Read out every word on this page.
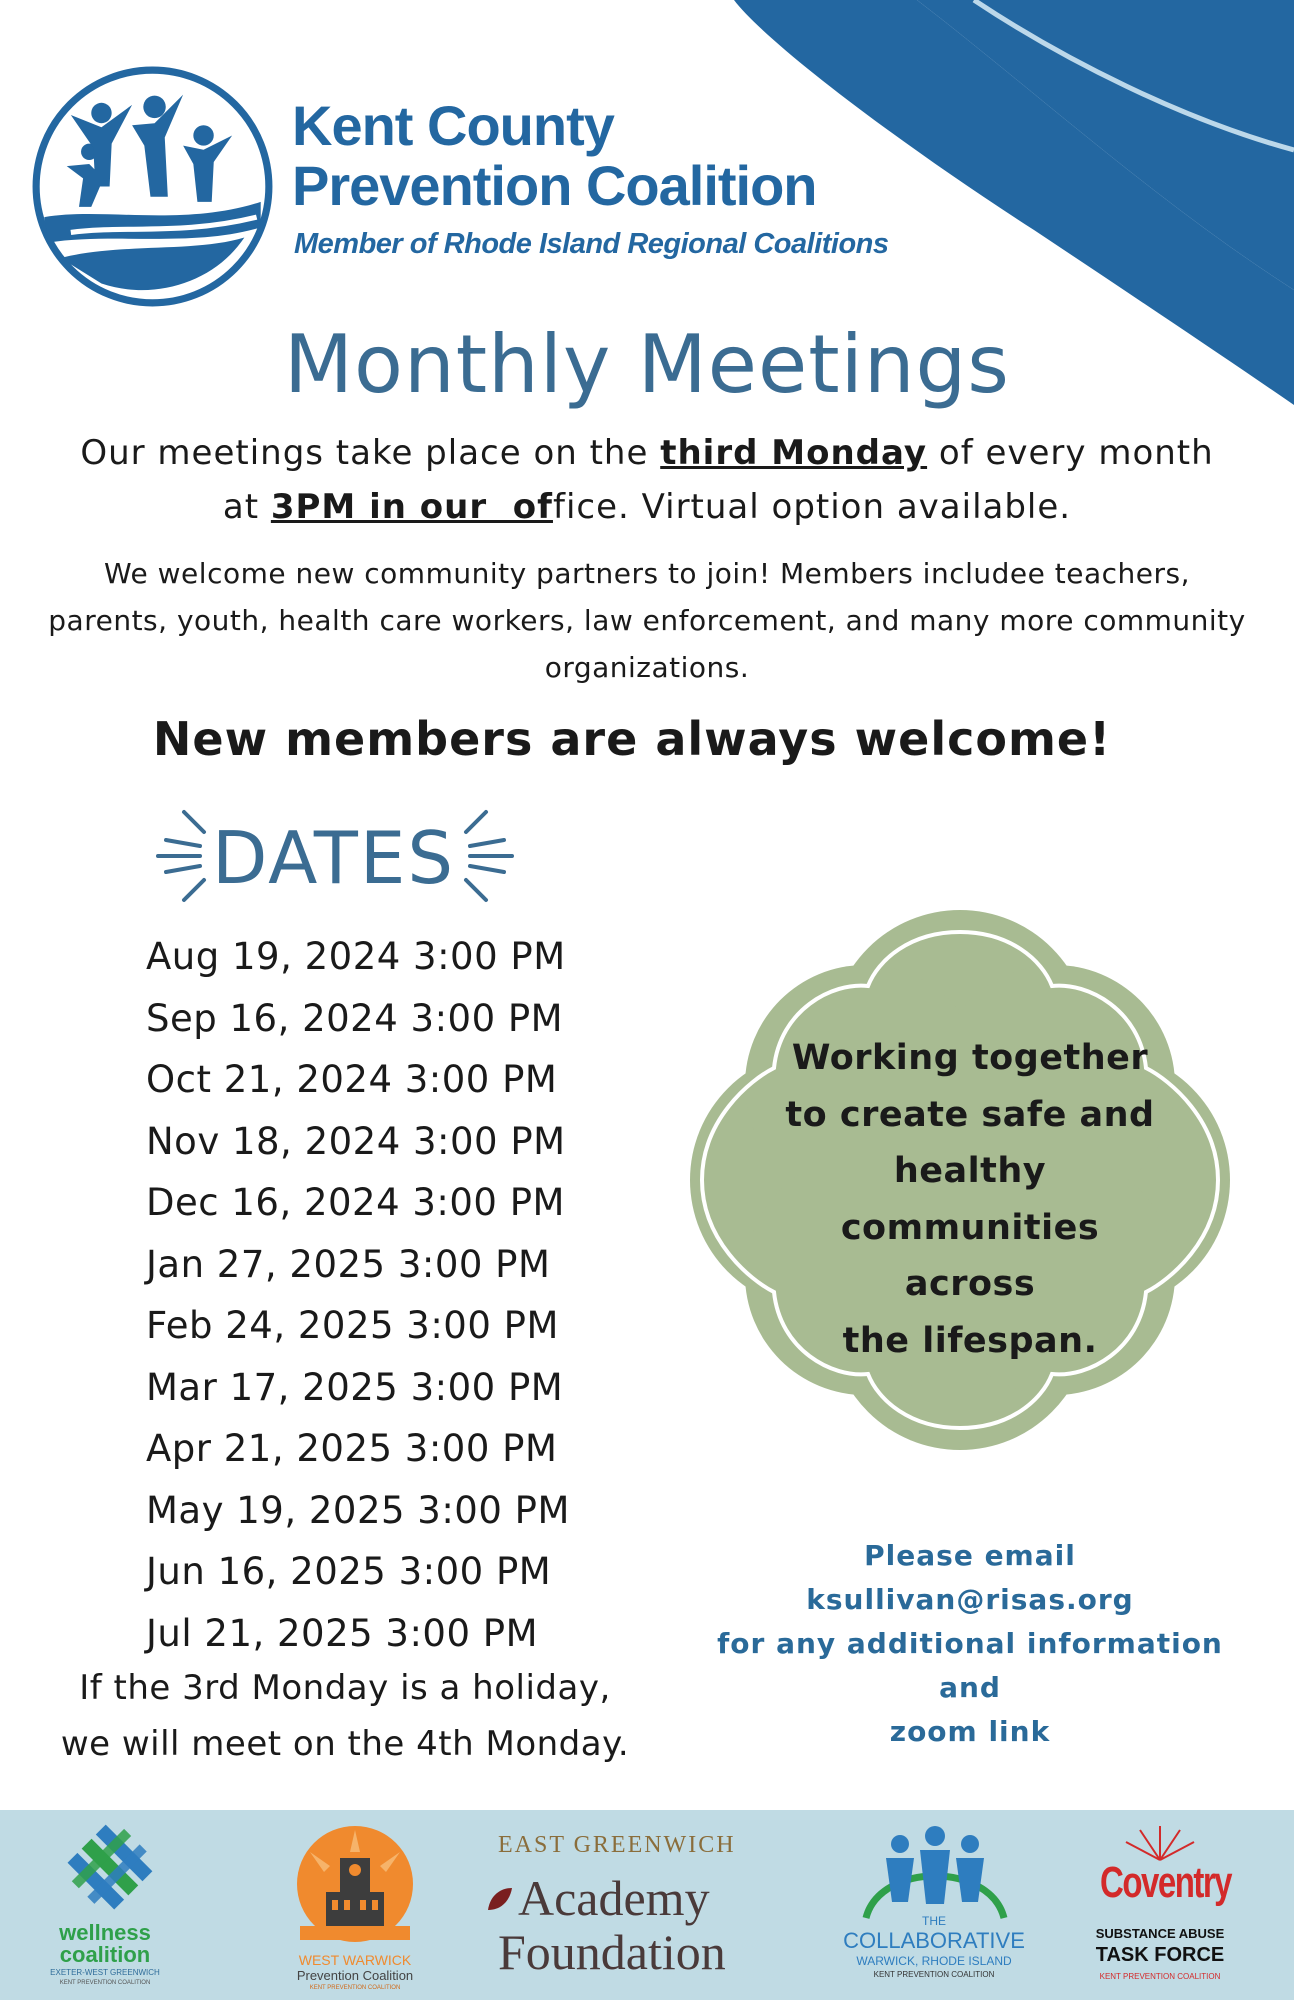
Kent County
Prevention Coalition
Member of Rhode Island Regional Coalitions
Monthly Meetings
Our meetings take place on the third Monday of every month
at 3PM in our  office. Virtual option available.
We welcome new community partners to join! Members includee teachers, parents, youth, health care workers, law enforcement, and many more community organizations.
New members are always welcome!
DATES
Aug 19, 2024 3:00 PM
Sep 16, 2024 3:00 PM
Oct 21, 2024 3:00 PM
Nov 18, 2024 3:00 PM
Dec 16, 2024 3:00 PM
Jan 27, 2025 3:00 PM
Feb 24, 2025 3:00 PM
Mar 17, 2025 3:00 PM
Apr 21, 2025 3:00 PM
May 19, 2025 3:00 PM
Jun 16, 2025 3:00 PM
Jul 21, 2025 3:00 PM
If the 3rd Monday is a holiday,
we will meet on the 4th Monday.
Working together
to create safe and
healthy
communities across
the lifespan.
Please email
ksullivan@risas.org
for any additional information and
zoom link
wellness
coalition
EXETER-WEST GREENWICH
KENT PREVENTION COALITION
WEST WARWICK
Prevention Coalition
KENT PREVENTION COALITION
EAST GREENWICH
Academy
Foundation
THE
COLLABORATIVE
WARWICK, RHODE ISLAND
KENT PREVENTION COALITION
Coventry
SUBSTANCE ABUSE
TASK FORCE
KENT PREVENTION COALITION
